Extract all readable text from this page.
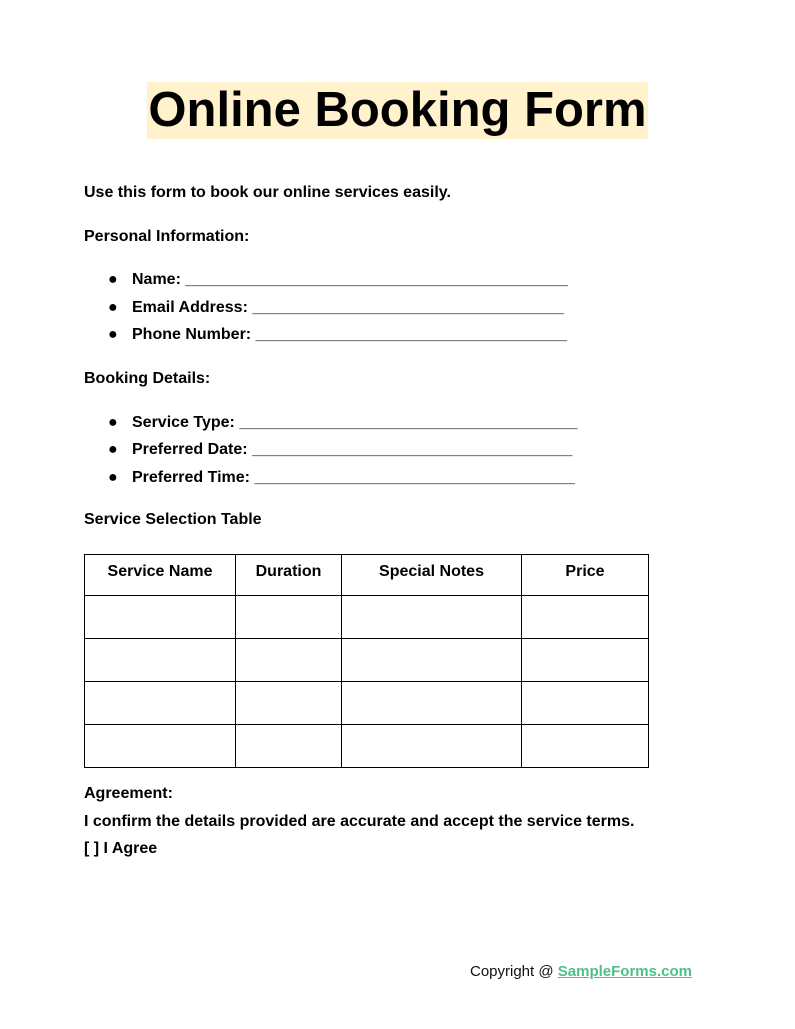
Online Booking Form
Use this form to book our online services easily.
Personal Information:
● Name: ___________________________________________
● Email Address: ___________________________________
● Phone Number: ___________________________________
Booking Details:
● Service Type: ______________________________________
● Preferred Date: ____________________________________
● Preferred Time: ____________________________________
Service Selection Table
Service Name	Duration	Special Notes	Price

Agreement:
I confirm the details provided are accurate and accept the service terms.
[ ] I Agree
Copyright @ SampleForms.com
